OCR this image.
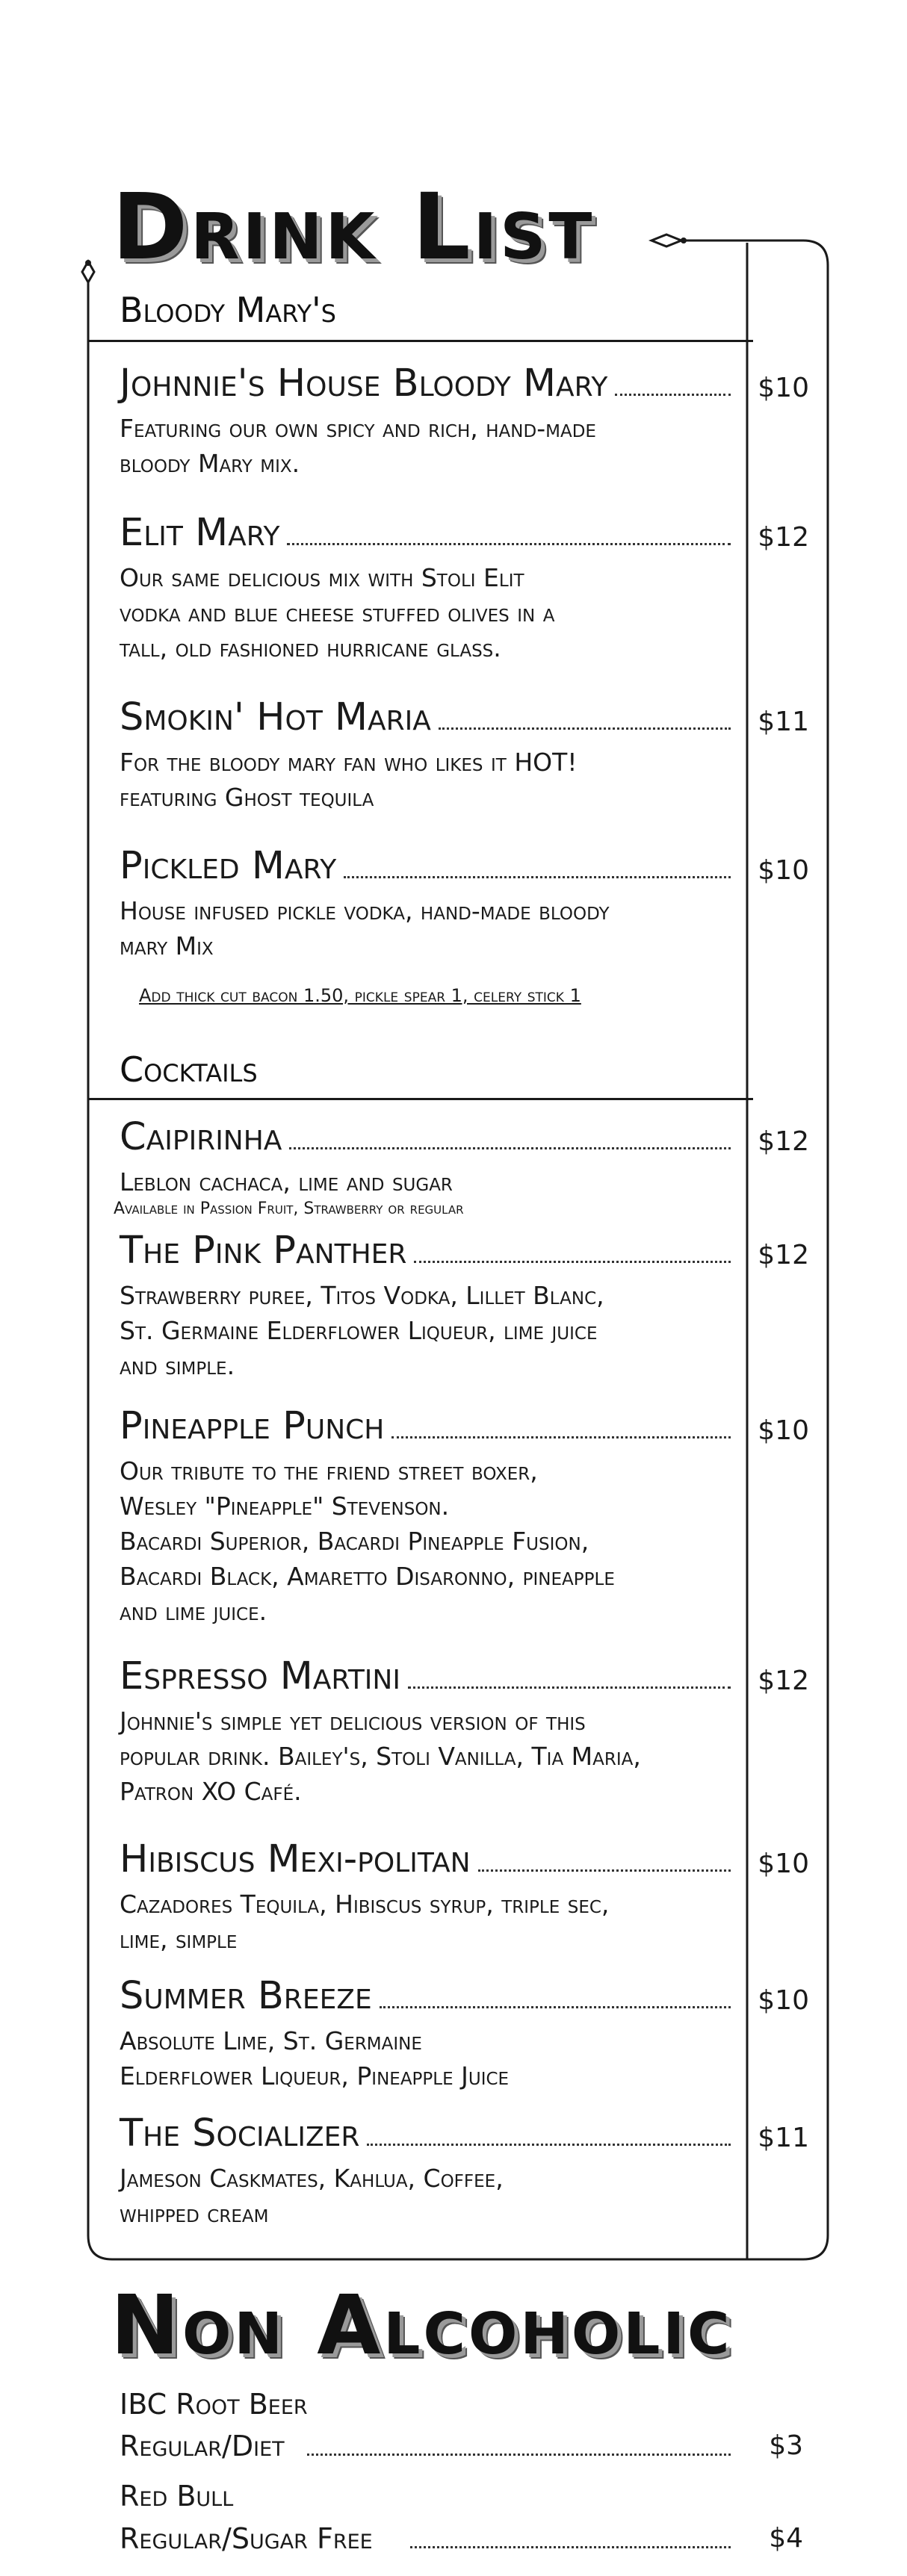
Drink List
Bloody Mary's
Johnnie's House Bloody Mary	$10
Featuring our own spicy and rich, hand-made
bloody Mary mix.
Elit Mary	$12
Our same delicious mix with Stoli Elit
vodka and blue cheese stuffed olives in a
tall, old fashioned hurricane glass.
Smokin' Hot Maria	$11
For the bloody mary fan who likes it HOT!
featuring Ghost tequila
Pickled Mary	$10
House infused pickle vodka, hand-made bloody
mary Mix
Add thick cut bacon 1.50, pickle spear 1, celery stick 1
Cocktails
Caipirinha	$12
Leblon cachaca, lime and sugar
Available in Passion Fruit, Strawberry or regular
The Pink Panther	$12
Strawberry puree, Titos Vodka, Lillet Blanc,
St. Germaine Elderflower Liqueur, lime juice
and simple.
Pineapple Punch	$10
Our tribute to the friend street boxer,
Wesley "Pineapple" Stevenson.
Bacardi Superior, Bacardi Pineapple Fusion,
Bacardi Black, Amaretto Disaronno, pineapple
and lime juice.
Espresso Martini	$12
Johnnie's simple yet delicious version of this
popular drink. Bailey's, Stoli Vanilla, Tia Maria,
Patron XO Café.
Hibiscus Mexi-politan	$10
Cazadores Tequila, Hibiscus syrup, triple sec,
lime, simple
Summer Breeze	$10
Absolute Lime, St. Germaine
Elderflower Liqueur, Pineapple Juice
The Socializer	$11
Jameson Caskmates, Kahlua, Coffee,
whipped cream
Non Alcoholic
IBC Root Beer
Regular/Diet	$3
Red Bull
Regular/Sugar Free	$4
